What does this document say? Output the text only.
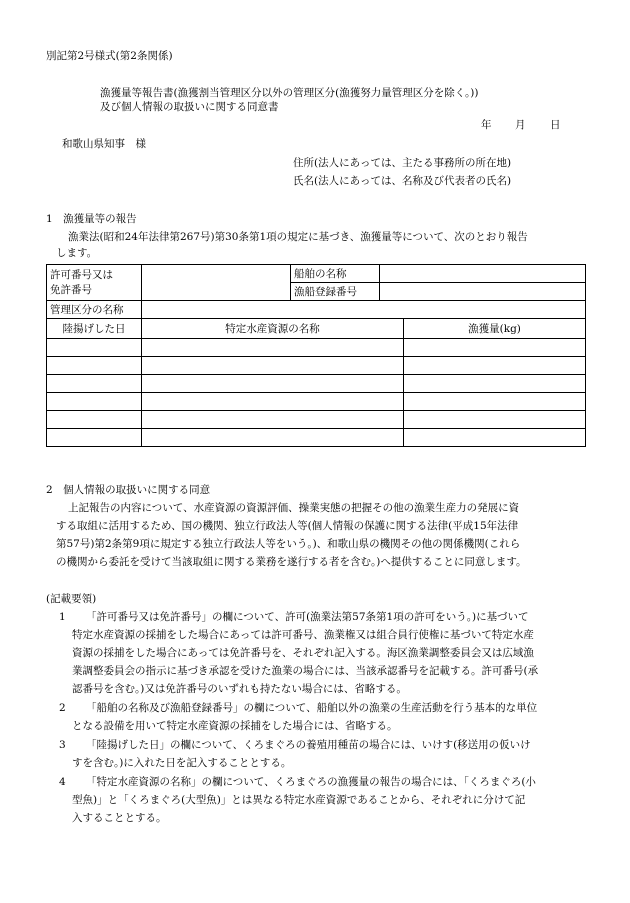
別記第2号様式(第2条関係)
漁獲量等報告書(漁獲割当管理区分以外の管理区分(漁獲努力量管理区分を除く。))
及び個人情報の取扱いに関する同意書
年 月 日
和歌山県知事　様
住所(法人にあっては、主たる事務所の所在地)
氏名(法人にあっては、名称及び代表者の氏名)
1　漁獲量等の報告
漁業法(昭和24年法律第267号)第30条第1項の規定に基づき、漁獲量等について、次のとおり報告
します。
許可番号又は
免許番号		船舶の名称		
		漁船登録番号		
管理区分の名称				
陸揚げした日	特定水産資源の名称			漁獲量(kg)

2　個人情報の取扱いに関する同意
上記報告の内容について、水産資源の資源評価、操業実態の把握その他の漁業生産力の発展に資
する取組に活用するため、国の機関、独立行政法人等(個人情報の保護に関する法律(平成15年法律
第57号)第2条第9項に規定する独立行政法人等をいう。)、和歌山県の機関その他の関係機関(これら
の機関から委託を受けて当該取組に関する業務を遂行する者を含む。)へ提供することに同意します。
(記載要領)
1 「許可番号又は免許番号」の欄について、許可(漁業法第57条第1項の許可をいう。)に基づいて
特定水産資源の採捕をした場合にあっては許可番号、漁業権又は組合員行使権に基づいて特定水産
資源の採捕をした場合にあっては免許番号を、それぞれ記入する。海区漁業調整委員会又は広域漁
業調整委員会の指示に基づき承認を受けた漁業の場合には、当該承認番号を記載する。許可番号(承
認番号を含む。)又は免許番号のいずれも持たない場合には、省略する。
2 「船舶の名称及び漁船登録番号」の欄について、船舶以外の漁業の生産活動を行う基本的な単位
となる設備を用いて特定水産資源の採捕をした場合には、省略する。
3 「陸揚げした日」の欄について、くろまぐろの養殖用種苗の場合には、いけす(移送用の仮いけ
すを含む。)に入れた日を記入することとする。
4 「特定水産資源の名称」の欄について、くろまぐろの漁獲量の報告の場合には、「くろまぐろ(小
型魚)」と「くろまぐろ(大型魚)」とは異なる特定水産資源であることから、それぞれに分けて記
入することとする。
